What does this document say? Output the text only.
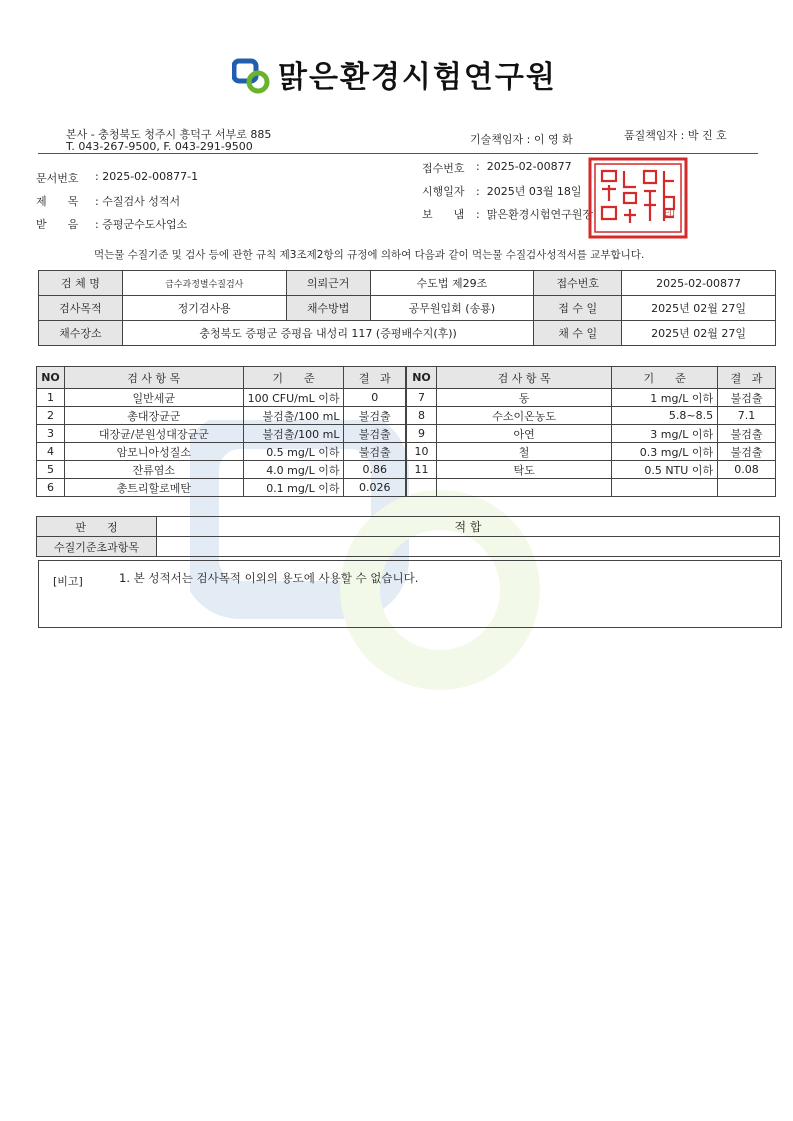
맑은환경시험연구원
본사 - 충청북도 청주시 흥덕구 서부로 885
T. 043-267-9500, F. 043-291-9500
기술책임자 : 이 영 화	품질책임자 : 박 진 호
문서번호 : 2025-02-00877-1
제      목 : 수질검사 성적서
받      음 : 증평군수도사업소
접수번호 :  2025-02-00877
시행일자 :  2025년 03월 18일
보      냄 :  맑은환경시험연구원장	印
먹는물 수질기준 및 검사 등에 관한 규칙 제3조제2항의 규정에 의하여 다음과 같이 먹는물 수질검사성적서를 교부합니다.
검 체 명	급수과정별수질검사	의뢰근거	수도법 제29조	접수번호	2025-02-00877
검사목적	정기검사용	채수방법	공무원입회 (송룡)	접 수 일	2025년 02월 27일
채수장소	충청북도 증평군 증평읍 내성리 117 (증평배수지(후))			채 수 일	2025년 02월 27일
NO	검 사 항 목	기      준	결   과
1	일반세균	100 CFU/mL 이하	0
2	총대장균군	불검출/100 mL	불검출
3	대장균/분원성대장균군	불검출/100 mL	불검출
4	암모니아성질소	0.5 mg/L 이하	불검출
5	잔류염소	4.0 mg/L 이하	0.86
6	총트리할로메탄	0.1 mg/L 이하	0.026
NO	검 사 항 목	기      준	결   과
7	동	1 mg/L 이하	불검출
8	수소이온농도	5.8~8.5	7.1
9	아연	3 mg/L 이하	불검출
10	철	0.3 mg/L 이하	불검출
11	탁도	0.5 NTU 이하	0.08

판      정	적 합
수질기준초과항목	
[비고]	1. 본 성적서는 검사목적 이외의 용도에 사용할 수 없습니다.
